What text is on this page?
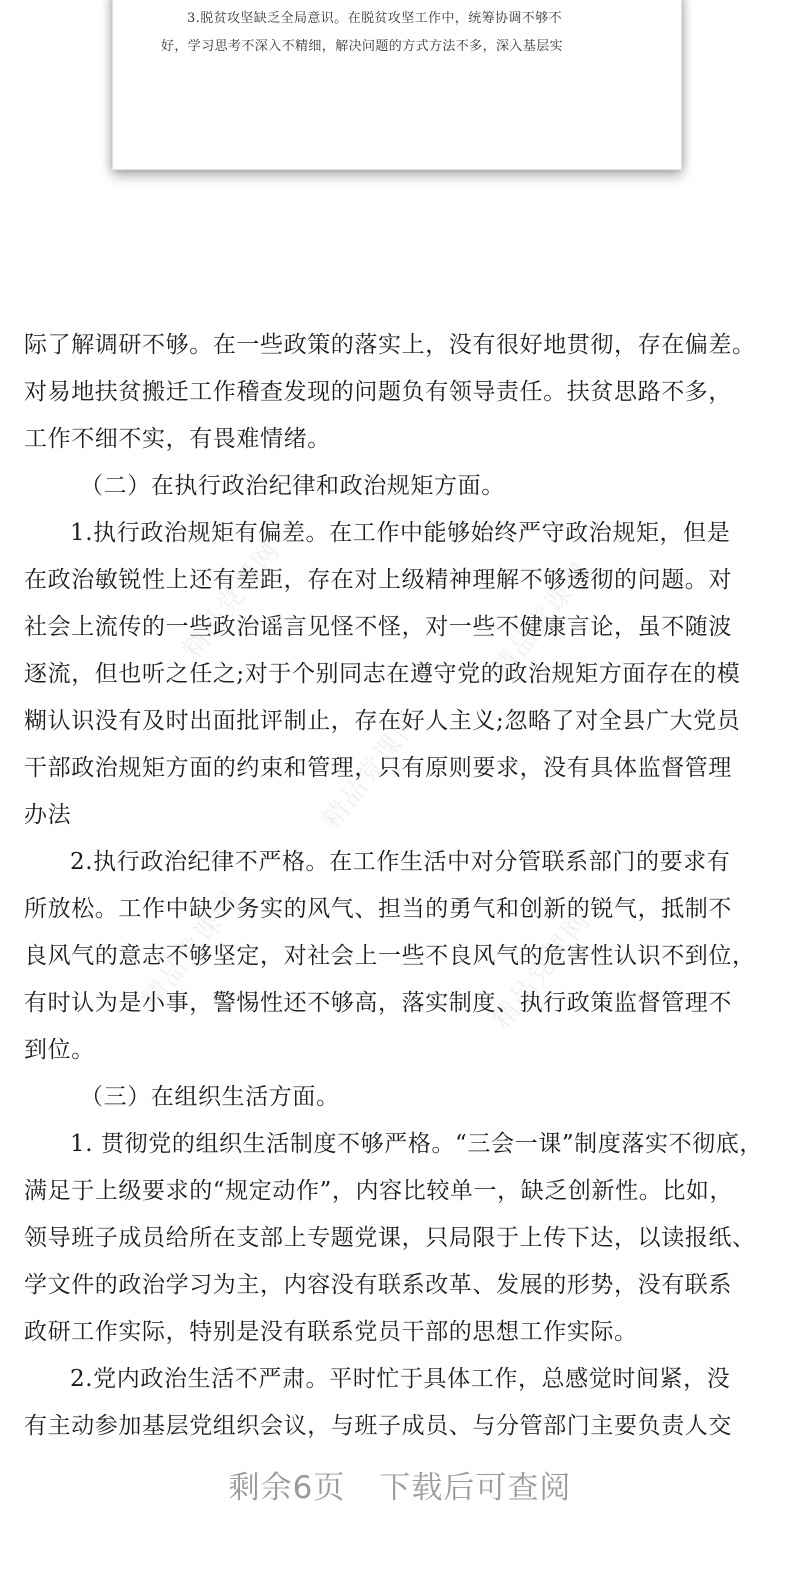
3.脱贫攻坚缺乏全局意识。在脱贫攻坚工作中，统筹协调不够不

好，学习思考不深入不精细，解决问题的方式方法不多，深入基层实

精品党课网	精品党课网
精品党课网
精品党课网	精品党课网
际了解调研不够。在一些政策的落实上，没有很好地贯彻，存在偏差。
对易地扶贫搬迁工作稽查发现的问题负有领导责任。扶贫思路不多，
工作不细不实，有畏难情绪。
（二）在执行政治纪律和政治规矩方面。
1.执行政治规矩有偏差。在工作中能够始终严守政治规矩，但是
在政治敏锐性上还有差距，存在对上级精神理解不够透彻的问题。对
社会上流传的一些政治谣言见怪不怪，对一些不健康言论，虽不随波
逐流，但也听之任之;对于个别同志在遵守党的政治规矩方面存在的模
糊认识没有及时出面批评制止，存在好人主义;忽略了对全县广大党员
干部政治规矩方面的约束和管理，只有原则要求，没有具体监督管理
办法
2.执行政治纪律不严格。在工作生活中对分管联系部门的要求有
所放松。工作中缺少务实的风气、担当的勇气和创新的锐气，抵制不
良风气的意志不够坚定，对社会上一些不良风气的危害性认识不到位，
有时认为是小事，警惕性还不够高，落实制度、执行政策监督管理不
到位。
（三）在组织生活方面。
1. 贯彻党的组织生活制度不够严格。“三会一课”制度落实不彻底，
满足于上级要求的“规定动作”，内容比较单一，缺乏创新性。比如，
领导班子成员给所在支部上专题党课，只局限于上传下达，以读报纸、
学文件的政治学习为主，内容没有联系改革、发展的形势，没有联系
政研工作实际，特别是没有联系党员干部的思想工作实际。
2.党内政治生活不严肃。平时忙于具体工作，总感觉时间紧，没
有主动参加基层党组织会议，与班子成员、与分管部门主要负责人交
剩余6页 下载后可查阅
